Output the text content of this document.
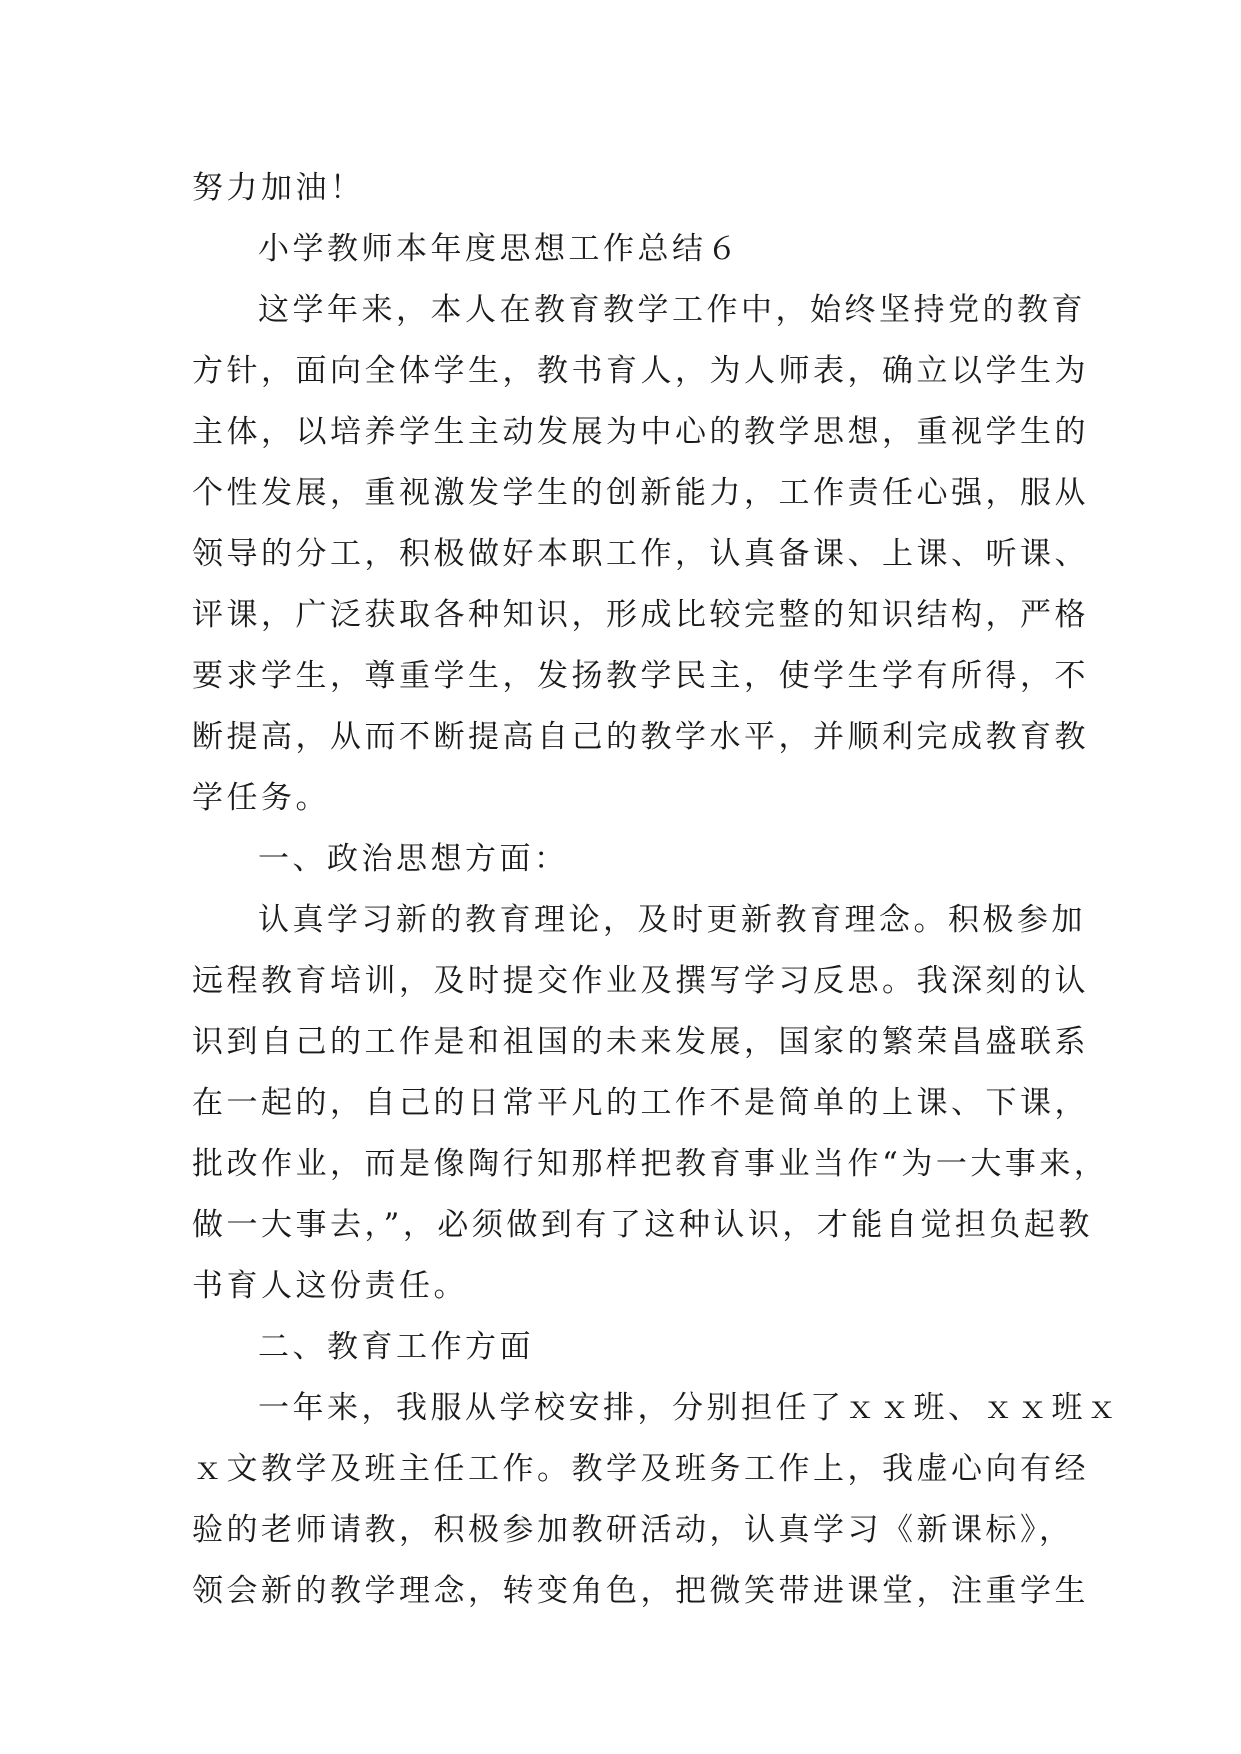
努力加油！
小学教师本年度思想工作总结６
这学年来，本人在教育教学工作中，始终坚持党的教育
方针，面向全体学生，教书育人，为人师表，确立以学生为
主体，以培养学生主动发展为中心的教学思想，重视学生的
个性发展，重视激发学生的创新能力，工作责任心强，服从
领导的分工，积极做好本职工作，认真备课、上课、听课、
评课，广泛获取各种知识，形成比较完整的知识结构，严格
要求学生，尊重学生，发扬教学民主，使学生学有所得，不
断提高，从而不断提高自己的教学水平，并顺利完成教育教
学任务。
一、政治思想方面：
认真学习新的教育理论，及时更新教育理念。积极参加
远程教育培训，及时提交作业及撰写学习反思。我深刻的认
识到自己的工作是和祖国的未来发展，国家的繁荣昌盛联系
在一起的，自己的日常平凡的工作不是简单的上课、下课，
批改作业，而是像陶行知那样把教育事业当作“为一大事来，
做一大事去，”，必须做到有了这种认识，才能自觉担负起教
书育人这份责任。
二、教育工作方面
一年来，我服从学校安排，分别担任了ｘｘ班、ｘｘ班ｘ
ｘ文教学及班主任工作。教学及班务工作上，我虚心向有经
验的老师请教，积极参加教研活动，认真学习《新课标》，
领会新的教学理念，转变角色，把微笑带进课堂，注重学生
